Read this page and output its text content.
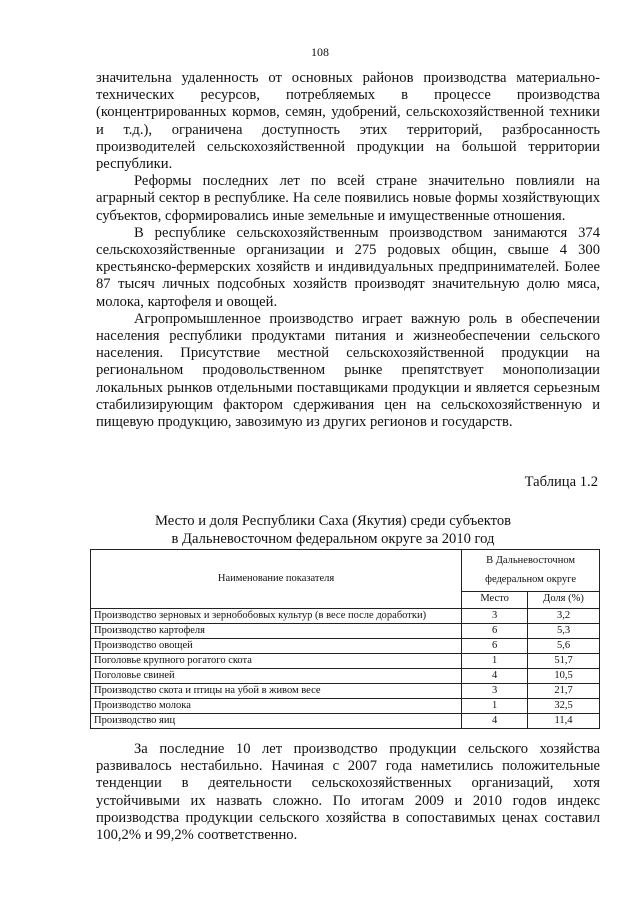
108

значительна удаленность от основных районов производства материально-технических ресурсов, потребляемых в процессе производства (концентрированных кормов, семян, удобрений, сельскохозяйственной техники и т.д.), ограничена доступность этих территорий, разбросанность производителей сельскохозяйственной продукции на большой территории республики.

Реформы последних лет по всей стране значительно повлияли на аграрный сектор в республике. На селе появились новые формы хозяйствующих субъектов, сформировались иные земельные и имущественные отношения.

В республике сельскохозяйственным производством занимаются 374 сельскохозяйственные организации и 275 родовых общин, свыше 4 300 крестьянско-фермерских хозяйств и индивидуальных предпринимателей. Более 87 тысяч личных подсобных хозяйств производят значительную долю мяса, молока, картофеля и овощей.

Агропромышленное производство играет важную роль в обеспечении населения республики продуктами питания и жизнеобеспечении сельского населения. Присутствие местной сельскохозяйственной продукции на региональном продовольственном рынке препятствует монополизации локальных рынков отдельными поставщиками продукции и является серьезным стабилизирующим фактором сдерживания цен на сельскохозяйственную и пищевую продукцию, завозимую из других регионов и государств.

Таблица 1.2
Место и доля Республики Саха (Якутия) среди субъектов
в Дальневосточном федеральном округе за 2010 год
Наименование показателя	В Дальневосточном федеральном округе	
	Место	Доля (%)
Производство зерновых и зернобобовых культур (в весе после доработки)	3	3,2
Производство картофеля	6	5,3
Производство овощей	6	5,6
Поголовье крупного рогатого скота	1	51,7
Поголовье свиней	4	10,5
Производство скота и птицы на убой в живом весе	3	21,7
Производство молока	1	32,5
Производство яиц	4	11,4

За последние 10 лет производство продукции сельского хозяйства развивалось нестабильно. Начиная с 2007 года наметились положительные тенденции в деятельности сельскохозяйственных организаций, хотя устойчивыми их назвать сложно. По итогам 2009 и 2010 годов индекс производства продукции сельского хозяйства в сопоставимых ценах составил 100,2% и 99,2% соответственно.
